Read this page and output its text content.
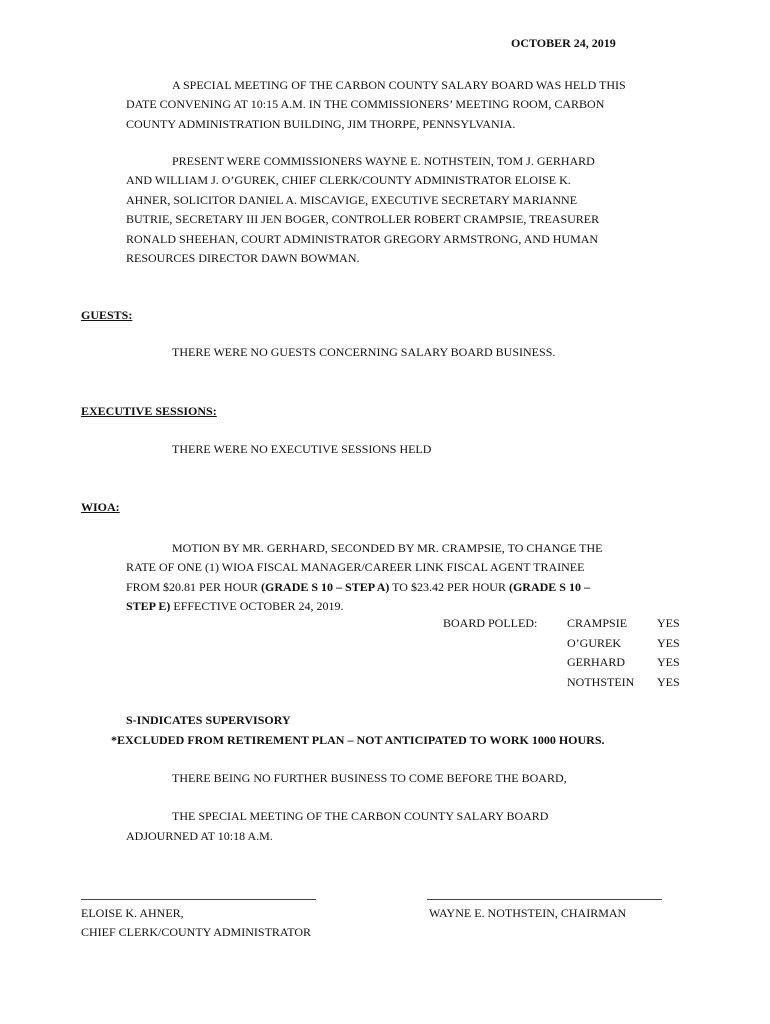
OCTOBER 24, 2019
A SPECIAL MEETING OF THE CARBON COUNTY SALARY BOARD WAS HELD THIS
DATE CONVENING AT 10:15 A.M. IN THE COMMISSIONERS’ MEETING ROOM, CARBON
COUNTY ADMINISTRATION BUILDING, JIM THORPE, PENNSYLVANIA.
PRESENT WERE COMMISSIONERS WAYNE E. NOTHSTEIN, TOM J. GERHARD
AND WILLIAM J. O’GUREK, CHIEF CLERK/COUNTY ADMINISTRATOR ELOISE K.
AHNER, SOLICITOR DANIEL A. MISCAVIGE, EXECUTIVE SECRETARY MARIANNE
BUTRIE, SECRETARY III JEN BOGER, CONTROLLER ROBERT CRAMPSIE, TREASURER
RONALD SHEEHAN, COURT ADMINISTRATOR GREGORY ARMSTRONG, AND HUMAN
RESOURCES DIRECTOR DAWN BOWMAN.
GUESTS:
THERE WERE NO GUESTS CONCERNING SALARY BOARD BUSINESS.
EXECUTIVE SESSIONS:
THERE WERE NO EXECUTIVE SESSIONS HELD
WIOA:
MOTION BY MR. GERHARD, SECONDED BY MR. CRAMPSIE, TO CHANGE THE
RATE OF ONE (1) WIOA FISCAL MANAGER/CAREER LINK FISCAL AGENT TRAINEE
FROM $20.81 PER HOUR (GRADE S 10 – STEP A) TO $23.42 PER HOUR (GRADE S 10 –
STEP E) EFFECTIVE OCTOBER 24, 2019.
BOARD POLLED: CRAMPSIE YES
O’GUREK	YES
GERHARD	YES
NOTHSTEIN YES
S-INDICATES SUPERVISORY
*EXCLUDED FROM RETIREMENT PLAN – NOT ANTICIPATED TO WORK 1000 HOURS.
THERE BEING NO FURTHER BUSINESS TO COME BEFORE THE BOARD,
THE SPECIAL MEETING OF THE CARBON COUNTY SALARY BOARD
ADJOURNED AT 10:18 A.M.
ELOISE K. AHNER,
CHIEF CLERK/COUNTY ADMINISTRATOR
WAYNE E. NOTHSTEIN, CHAIRMAN
